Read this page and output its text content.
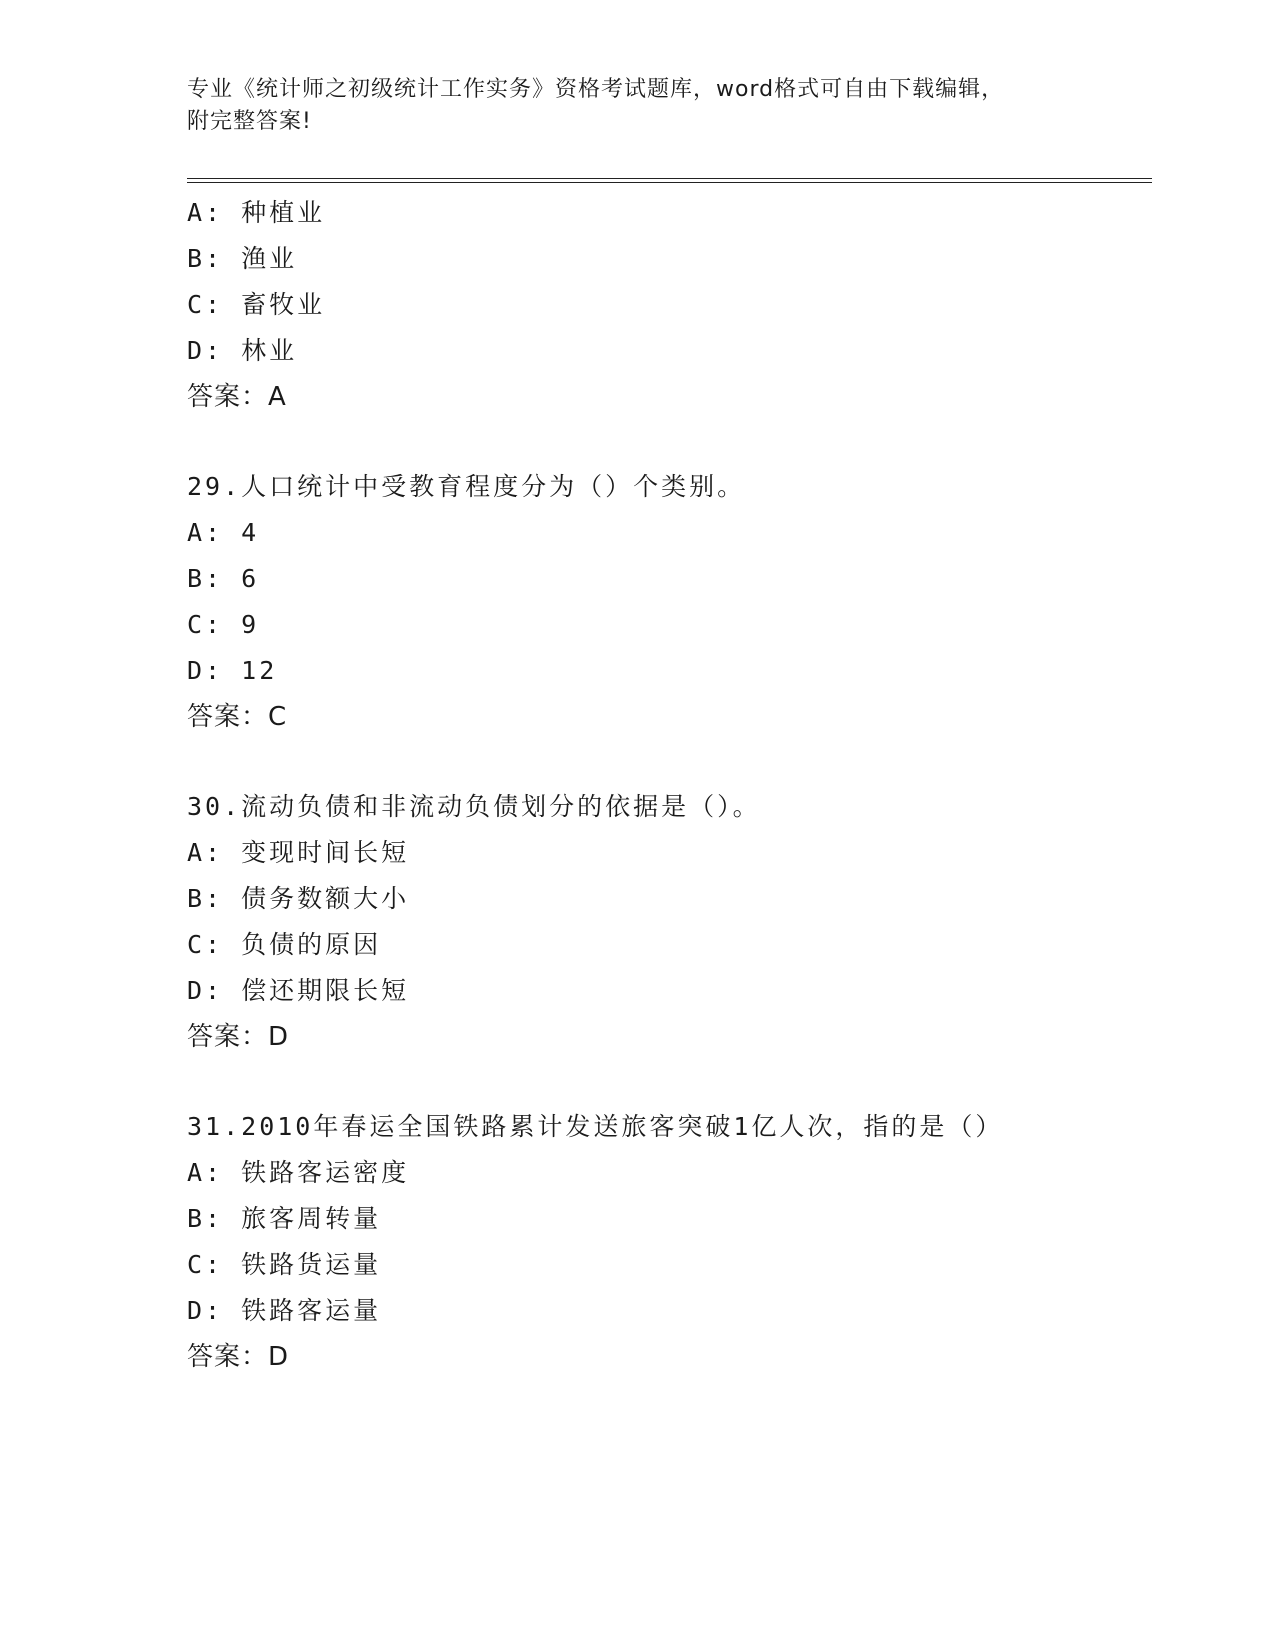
专业《统计师之初级统计工作实务》资格考试题库，word格式可自由下载编辑，
附完整答案!
A: 种植业
B: 渔业
C: 畜牧业
D: 林业
答案：A
29.人口统计中受教育程度分为（）个类别。
A: 4
B: 6
C: 9
D: 12
答案：C
30.流动负债和非流动负债划分的依据是（）。
A: 变现时间长短
B: 债务数额大小
C: 负债的原因
D: 偿还期限长短
答案：D
31.2010年春运全国铁路累计发送旅客突破1亿人次，指的是（）
A: 铁路客运密度
B: 旅客周转量
C: 铁路货运量
D: 铁路客运量
答案：D
